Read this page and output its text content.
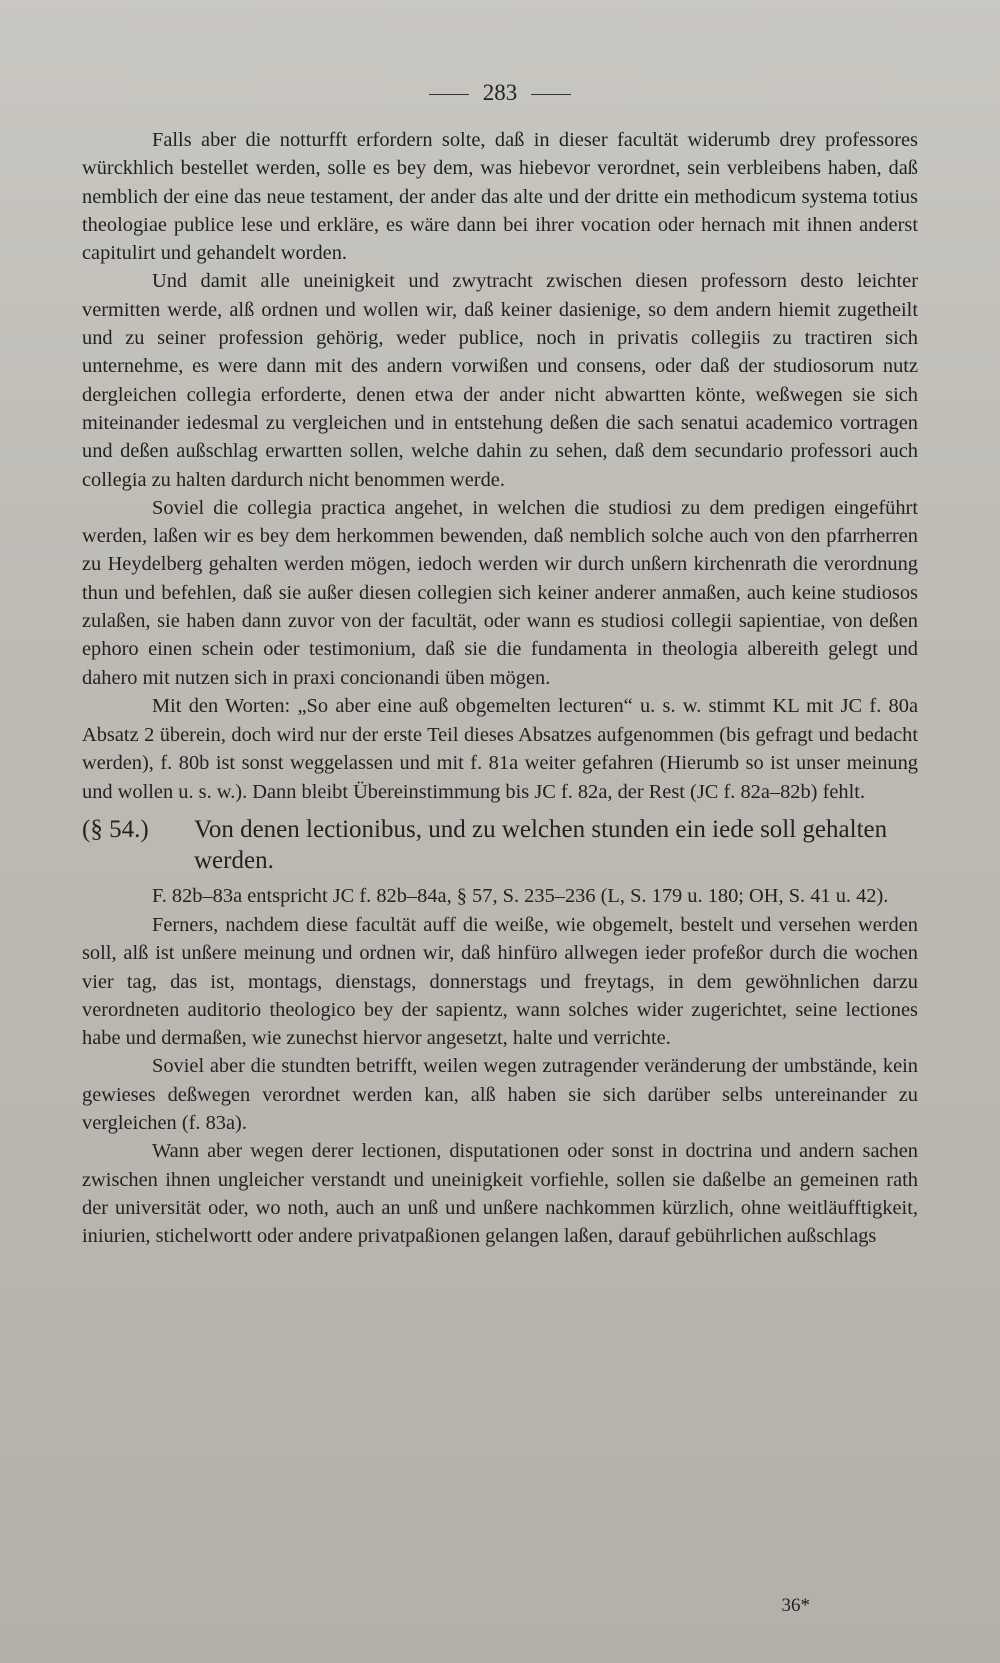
283

Falls aber die notturfft erfordern solte, daß in dieser facultät widerumb drey professores würckhlich bestellet werden, solle es bey dem, was hiebevor verordnet, sein verbleibens haben, daß nemblich der eine das neue testament, der ander das alte und der dritte ein methodicum systema totius theologiae publice lese und erkläre, es wäre dann bei ihrer vocation oder hernach mit ihnen anderst capitulirt und gehandelt worden.

Und damit alle uneinigkeit und zwytracht zwischen diesen professorn desto leichter vermitten werde, alß ordnen und wollen wir, daß keiner dasienige, so dem andern hiemit zugetheilt und zu seiner profession gehörig, weder publice, noch in privatis collegiis zu tractiren sich unternehme, es were dann mit des andern vorwißen und consens, oder daß der studiosorum nutz dergleichen collegia erforderte, denen etwa der ander nicht abwartten könte, weßwegen sie sich miteinander iedesmal zu vergleichen und in entstehung deßen die sach senatui academico vortragen und deßen außschlag erwartten sollen, welche dahin zu sehen, daß dem secundario professori auch collegia zu halten dardurch nicht benommen werde.

Soviel die collegia practica angehet, in welchen die studiosi zu dem predigen eingeführt werden, laßen wir es bey dem herkommen bewenden, daß nemblich solche auch von den pfarrherren zu Heydelberg gehalten werden mögen, iedoch werden wir durch unßern kirchenrath die verordnung thun und befehlen, daß sie außer diesen collegien sich keiner anderer anmaßen, auch keine studiosos zulaßen, sie haben dann zuvor von der facultät, oder wann es studiosi collegii sapientiae, von deßen ephoro einen schein oder testimonium, daß sie die fundamenta in theologia albereith gelegt und dahero mit nutzen sich in praxi concionandi üben mögen.

Mit den Worten: „So aber eine auß obgemelten lecturen“ u. s. w. stimmt KL mit JC f. 80a Absatz 2 überein, doch wird nur der erste Teil dieses Absatzes aufgenommen (bis gefragt und bedacht werden), f. 80b ist sonst weggelassen und mit f. 81a weiter gefahren (Hierumb so ist unser meinung und wollen u. s. w.). Dann bleibt Übereinstimmung bis JC f. 82a, der Rest (JC f. 82a–82b) fehlt.

(§ 54.)	Von denen lectionibus, und zu welchen stunden ein iede soll gehalten werden.

F. 82b–83a entspricht JC f. 82b–84a, § 57, S. 235–236 (L, S. 179 u. 180; OH, S. 41 u. 42).

Ferners, nachdem diese facultät auff die weiße, wie obgemelt, bestelt und versehen werden soll, alß ist unßere meinung und ordnen wir, daß hinfüro allwegen ieder profeßor durch die wochen vier tag, das ist, montags, dienstags, donnerstags und freytags, in dem gewöhnlichen darzu verordneten auditorio theologico bey der sapientz, wann solches wider zugerichtet, seine lectiones habe und dermaßen, wie zunechst hiervor angesetzt, halte und verrichte.

Soviel aber die stundten betrifft, weilen wegen zutragender veränderung der umbstände, kein gewieses deßwegen verordnet werden kan, alß haben sie sich darüber selbs untereinander zu vergleichen (f. 83a).

Wann aber wegen derer lectionen, disputationen oder sonst in doctrina und andern sachen zwischen ihnen ungleicher verstandt und uneinigkeit vorfiehle, sollen sie daßelbe an gemeinen rath der universität oder, wo noth, auch an unß und unßere nachkommen kürzlich, ohne weitläufftigkeit, iniurien, stichelwortt oder andere privatpaßionen gelangen laßen, darauf gebührlichen außschlags

36*
